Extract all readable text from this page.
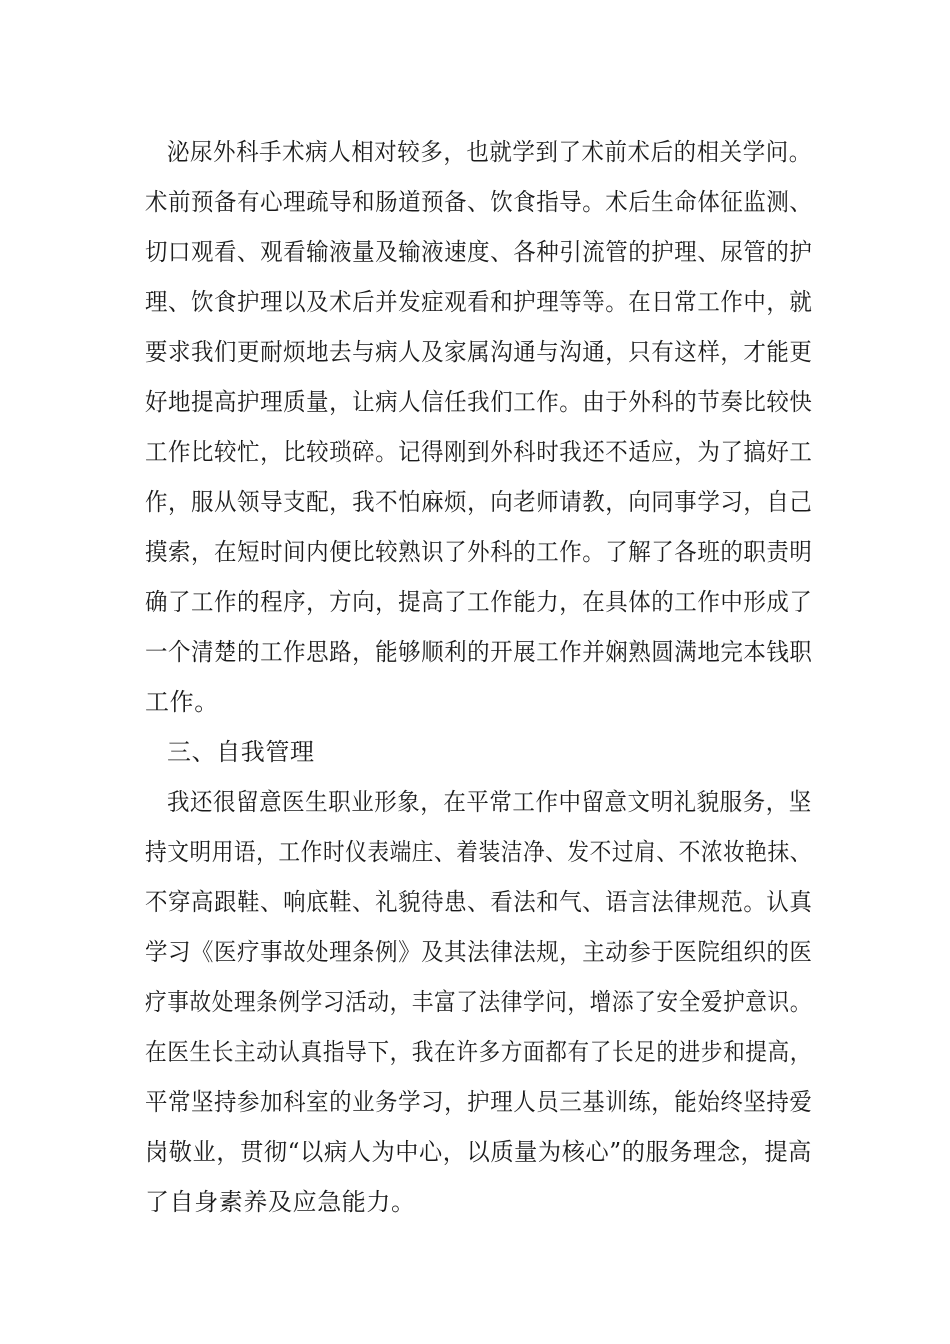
泌尿外科手术病人相对较多，也就学到了术前术后的相关学问。
术前预备有心理疏导和肠道预备、饮食指导。术后生命体征监测、
切口观看、观看输液量及输液速度、各种引流管的护理、尿管的护
理、饮食护理以及术后并发症观看和护理等等。在日常工作中，就
要求我们更耐烦地去与病人及家属沟通与沟通，只有这样，才能更
好地提高护理质量，让病人信任我们工作。由于外科的节奏比较快
工作比较忙，比较琐碎。记得刚到外科时我还不适应，为了搞好工
作，服从领导支配，我不怕麻烦，向老师请教，向同事学习，自己
摸索，在短时间内便比较熟识了外科的工作。了解了各班的职责明
确了工作的程序，方向，提高了工作能力，在具体的工作中形成了
一个清楚的工作思路，能够顺利的开展工作并娴熟圆满地完本钱职
工作。
三、自我管理
我还很留意医生职业形象，在平常工作中留意文明礼貌服务，坚
持文明用语，工作时仪表端庄、着装洁净、发不过肩、不浓妆艳抹、
不穿高跟鞋、响底鞋、礼貌待患、看法和气、语言法律规范。认真
学习《医疗事故处理条例》及其法律法规，主动参于医院组织的医
疗事故处理条例学习活动，丰富了法律学问，增添了安全爱护意识。
在医生长主动认真指导下，我在许多方面都有了长足的进步和提高，
平常坚持参加科室的业务学习，护理人员三基训练，能始终坚持爱
岗敬业，贯彻“以病人为中心，以质量为核心”的服务理念，提高
了自身素养及应急能力。
